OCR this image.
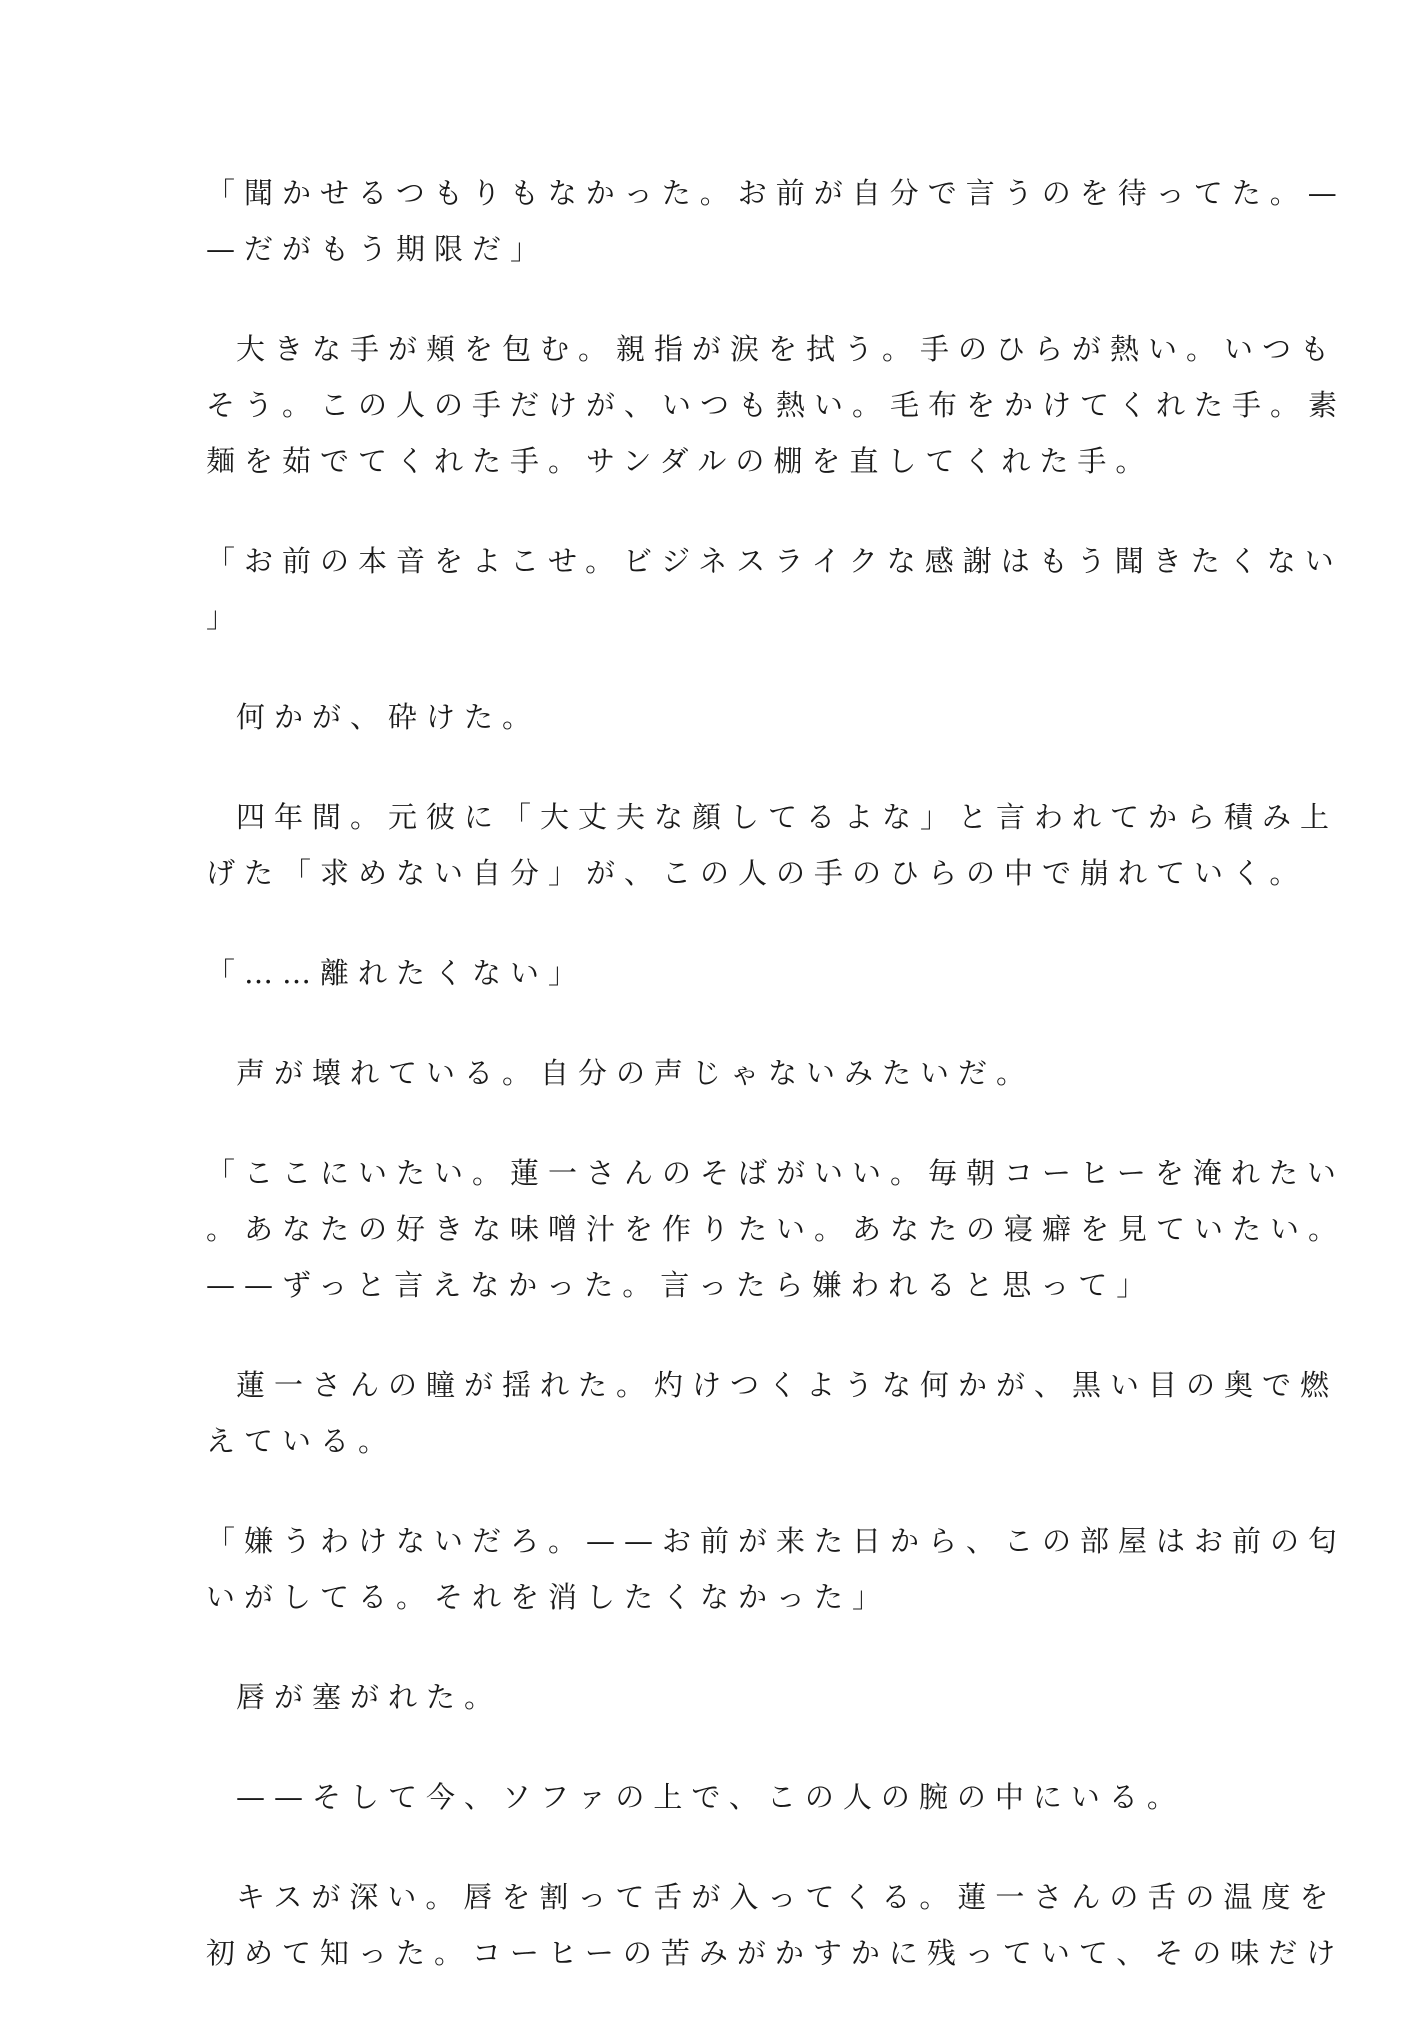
「聞かせるつもりもなかった。お前が自分で言うのを待ってた。—
—だがもう期限だ」
大きな手が頬を包む。親指が涙を拭う。手のひらが熱い。いつも
そう。この人の手だけが、いつも熱い。毛布をかけてくれた手。素
麺を茹でてくれた手。サンダルの棚を直してくれた手。
「お前の本音をよこせ。ビジネスライクな感謝はもう聞きたくない
」
何かが、砕けた。
四年間。元彼に「大丈夫な顔してるよな」と言われてから積み上
げた「求めない自分」が、この人の手のひらの中で崩れていく。
「……離れたくない」
声が壊れている。自分の声じゃないみたいだ。
「ここにいたい。蓮一さんのそばがいい。毎朝コーヒーを淹れたい
。あなたの好きな味噌汁を作りたい。あなたの寝癖を見ていたい。
——ずっと言えなかった。言ったら嫌われると思って」
蓮一さんの瞳が揺れた。灼けつくような何かが、黒い目の奥で燃
えている。
「嫌うわけないだろ。——お前が来た日から、この部屋はお前の匂
いがしてる。それを消したくなかった」
唇が塞がれた。
——そして今、ソファの上で、この人の腕の中にいる。
キスが深い。唇を割って舌が入ってくる。蓮一さんの舌の温度を
初めて知った。コーヒーの苦みがかすかに残っていて、その味だけ
